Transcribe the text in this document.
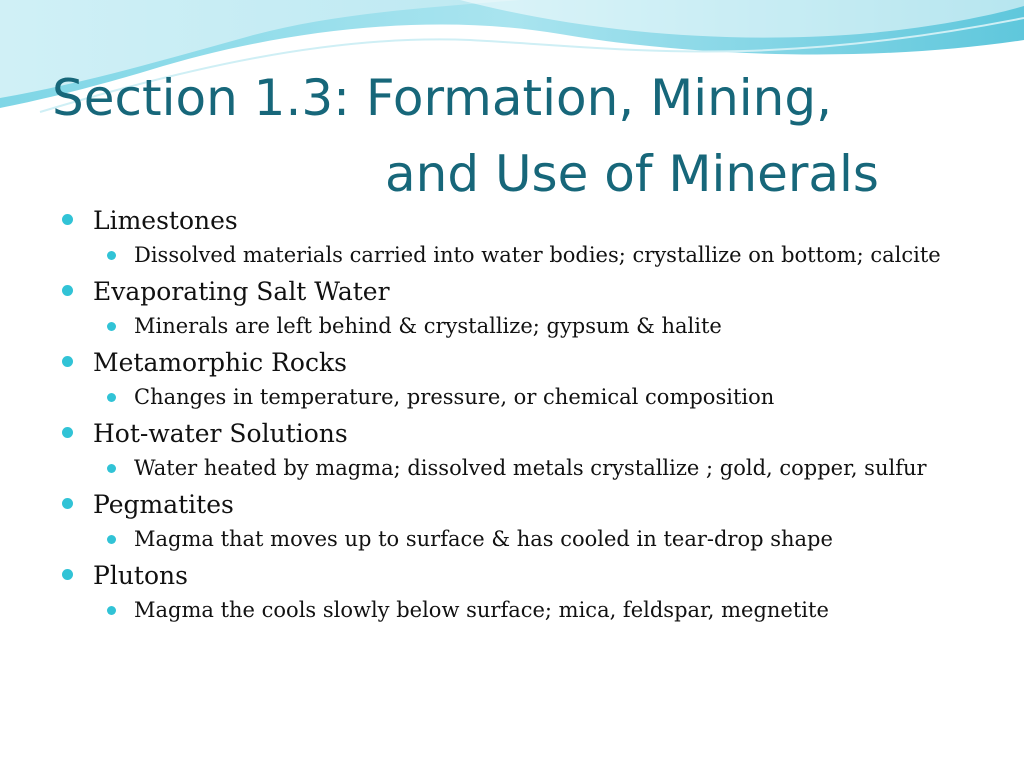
Section 1.3: Formation, Mining,
and Use of Minerals
Limestones
Dissolved materials carried into water bodies; crystallize on bottom; calcite
Evaporating Salt Water
Minerals are left behind & crystallize; gypsum & halite
Metamorphic Rocks
Changes in temperature, pressure, or chemical composition
Hot-water Solutions
Water heated by magma; dissolved metals crystallize ; gold, copper, sulfur
Pegmatites
Magma that moves up to surface & has cooled in tear-drop shape
Plutons
Magma the cools slowly below surface; mica, feldspar, megnetite
